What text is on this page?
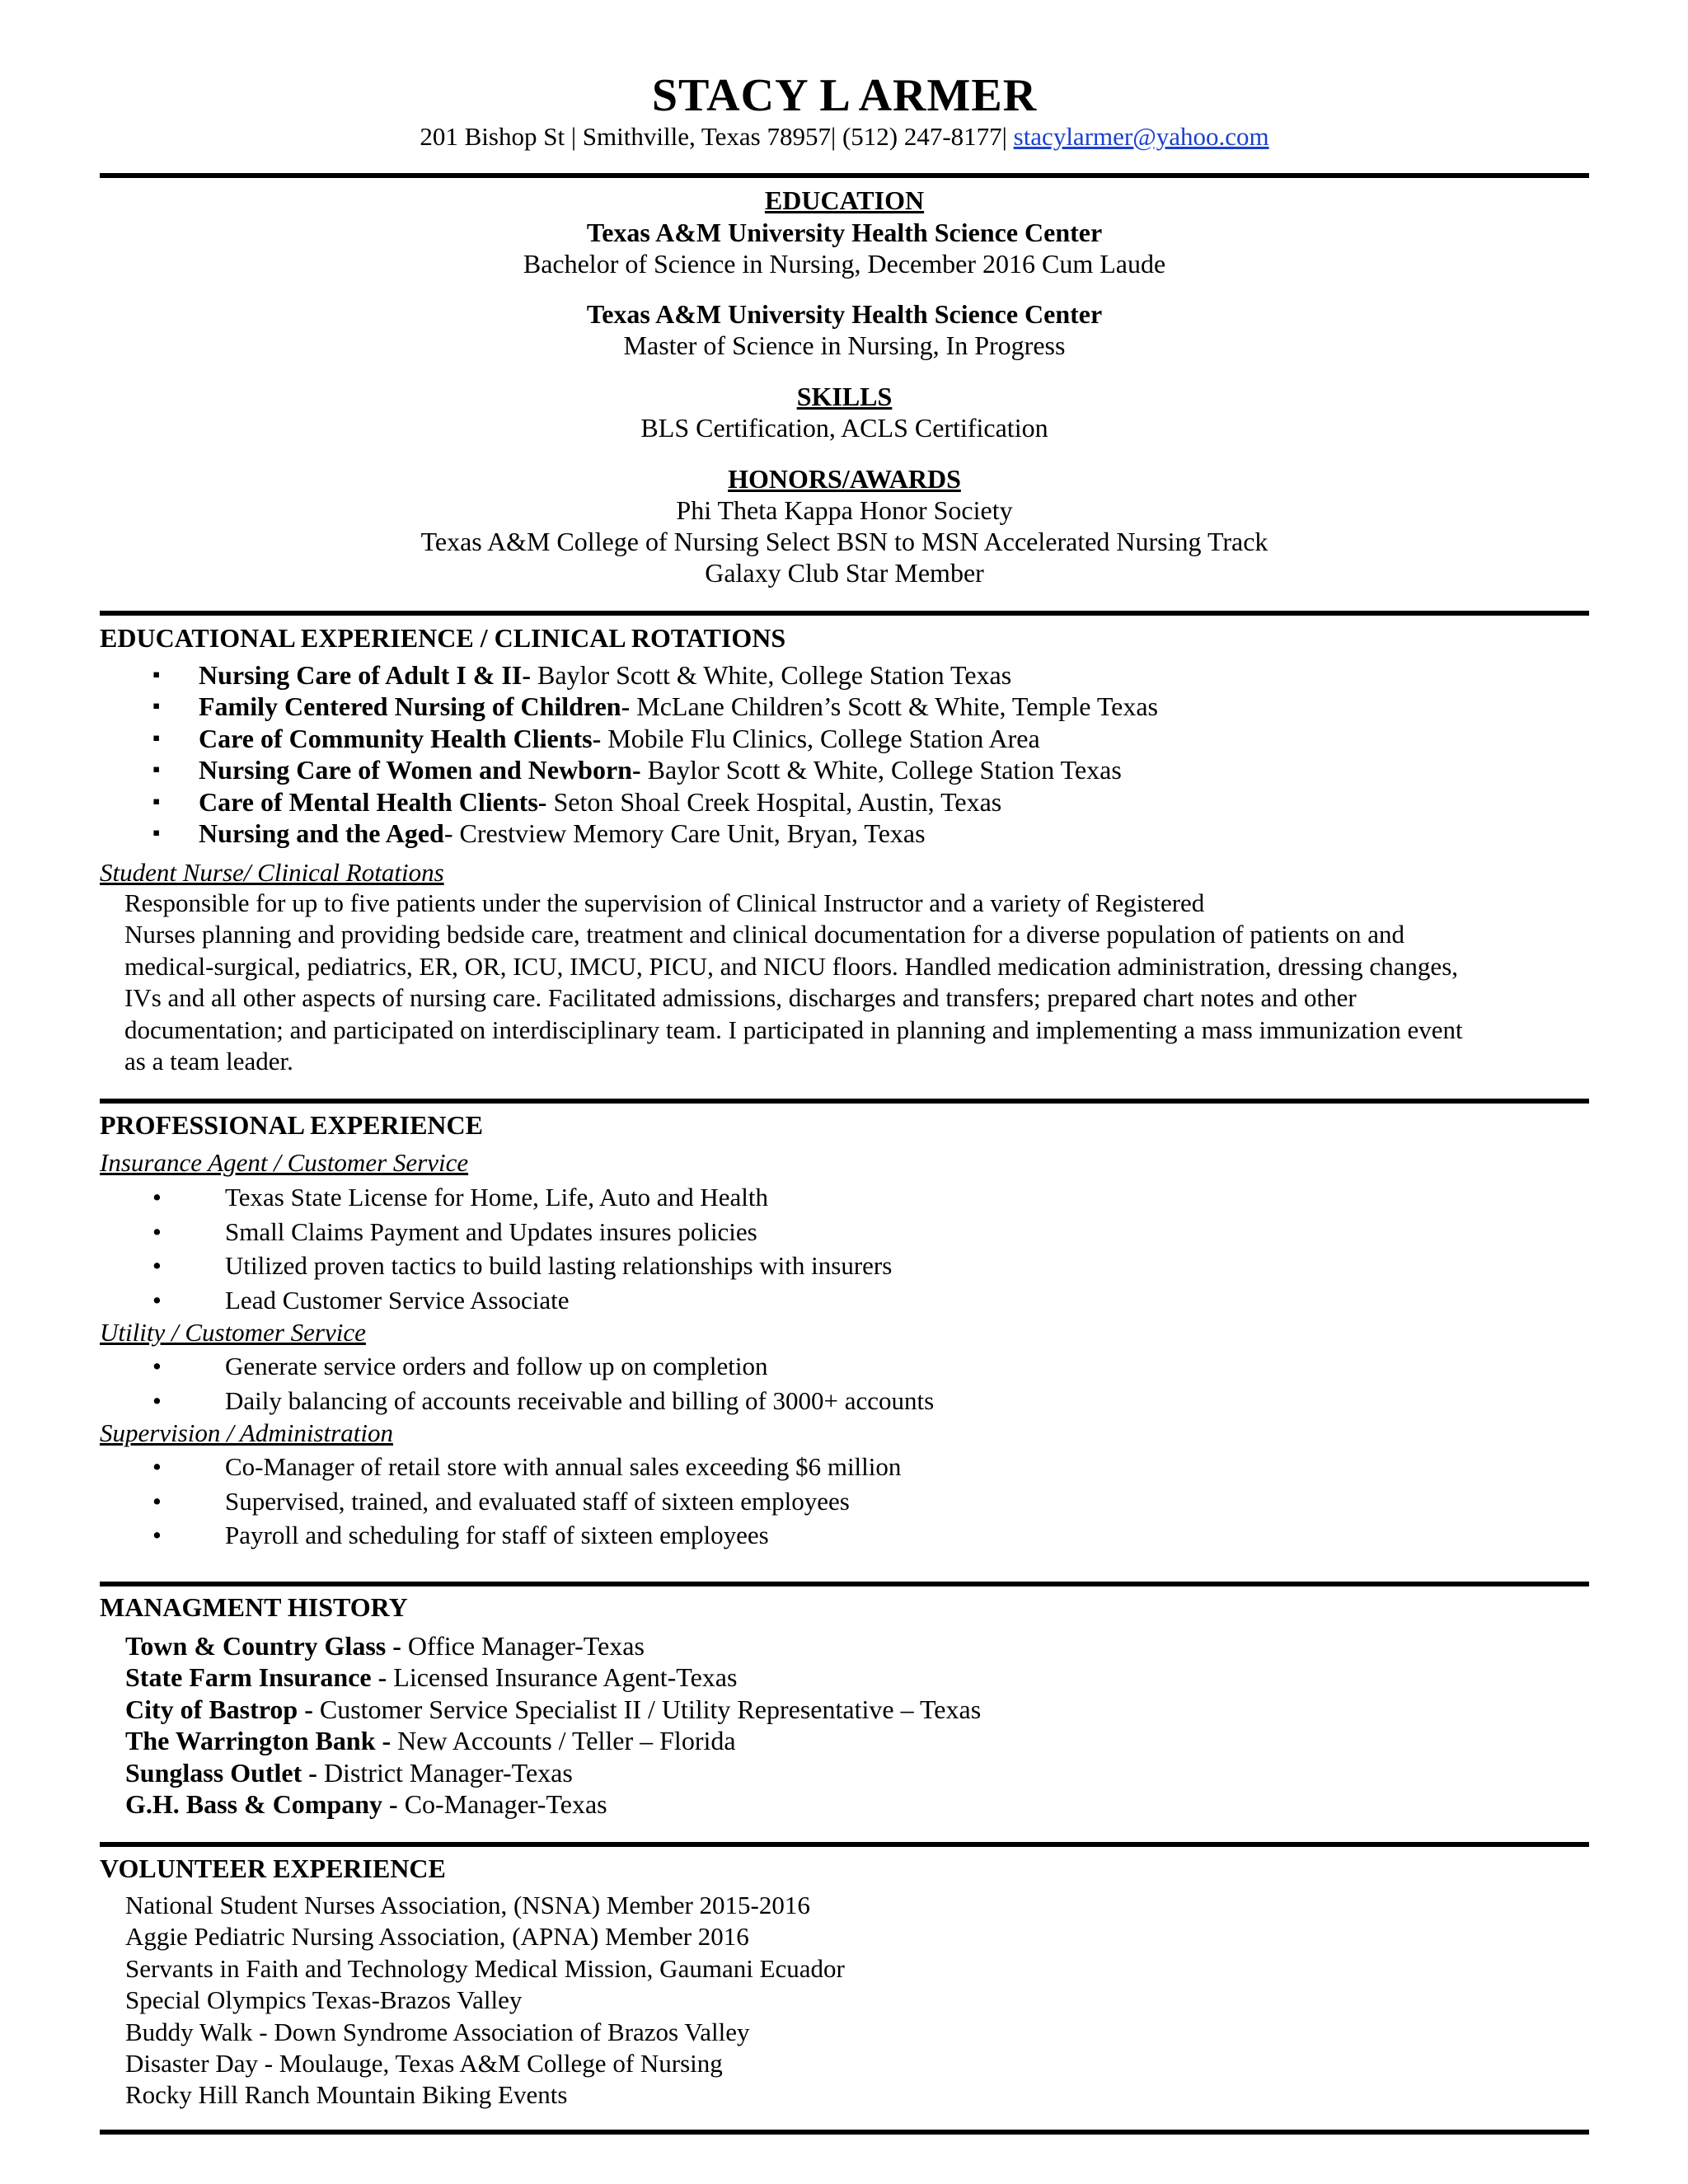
STACY L ARMER
201 Bishop St | Smithville, Texas 78957| (512) 247-8177| stacylarmer@yahoo.com
EDUCATION
Texas A&M University Health Science Center
Bachelor of Science in Nursing, December 2016 Cum Laude
Texas A&M University Health Science Center
Master of Science in Nursing, In Progress
SKILLS
BLS Certification, ACLS Certification
HONORS/AWARDS
Phi Theta Kappa Honor Society
Texas A&M College of Nursing Select BSN to MSN Accelerated Nursing Track
Galaxy Club Star Member
EDUCATIONAL EXPERIENCE / CLINICAL ROTATIONS
▪ Nursing Care of Adult I & II- Baylor Scott & White, College Station Texas
▪ Family Centered Nursing of Children- McLane Children’s Scott & White, Temple Texas
▪ Care of Community Health Clients- Mobile Flu Clinics, College Station Area
▪ Nursing Care of Women and Newborn- Baylor Scott & White, College Station Texas
▪ Care of Mental Health Clients- Seton Shoal Creek Hospital, Austin, Texas
▪ Nursing and the Aged- Crestview Memory Care Unit, Bryan, Texas
Student Nurse/ Clinical Rotations
Responsible for up to five patients under the supervision of Clinical Instructor and a variety of Registered
Nurses planning and providing bedside care, treatment and clinical documentation for a diverse population of patients on and
medical-surgical, pediatrics, ER, OR, ICU, IMCU, PICU, and NICU floors. Handled medication administration, dressing changes,
IVs and all other aspects of nursing care. Facilitated admissions, discharges and transfers; prepared chart notes and other
documentation; and participated on interdisciplinary team. I participated in planning and implementing a mass immunization event
as a team leader.
PROFESSIONAL EXPERIENCE
Insurance Agent / Customer Service
• Texas State License for Home, Life, Auto and Health
• Small Claims Payment and Updates insures policies
• Utilized proven tactics to build lasting relationships with insurers
• Lead Customer Service Associate
Utility / Customer Service
• Generate service orders and follow up on completion
• Daily balancing of accounts receivable and billing of 3000+ accounts
Supervision / Administration
• Co-Manager of retail store with annual sales exceeding $6 million
• Supervised, trained, and evaluated staff of sixteen employees
• Payroll and scheduling for staff of sixteen employees
MANAGMENT HISTORY
Town & Country Glass - Office Manager-Texas
State Farm Insurance - Licensed Insurance Agent-Texas
City of Bastrop - Customer Service Specialist II / Utility Representative – Texas
The Warrington Bank - New Accounts / Teller – Florida
Sunglass Outlet - District Manager-Texas
G.H. Bass & Company - Co-Manager-Texas
VOLUNTEER EXPERIENCE
National Student Nurses Association, (NSNA) Member 2015-2016
Aggie Pediatric Nursing Association, (APNA) Member 2016
Servants in Faith and Technology Medical Mission, Gaumani Ecuador
Special Olympics Texas-Brazos Valley
Buddy Walk - Down Syndrome Association of Brazos Valley
Disaster Day - Moulauge, Texas A&M College of Nursing
Rocky Hill Ranch Mountain Biking Events
